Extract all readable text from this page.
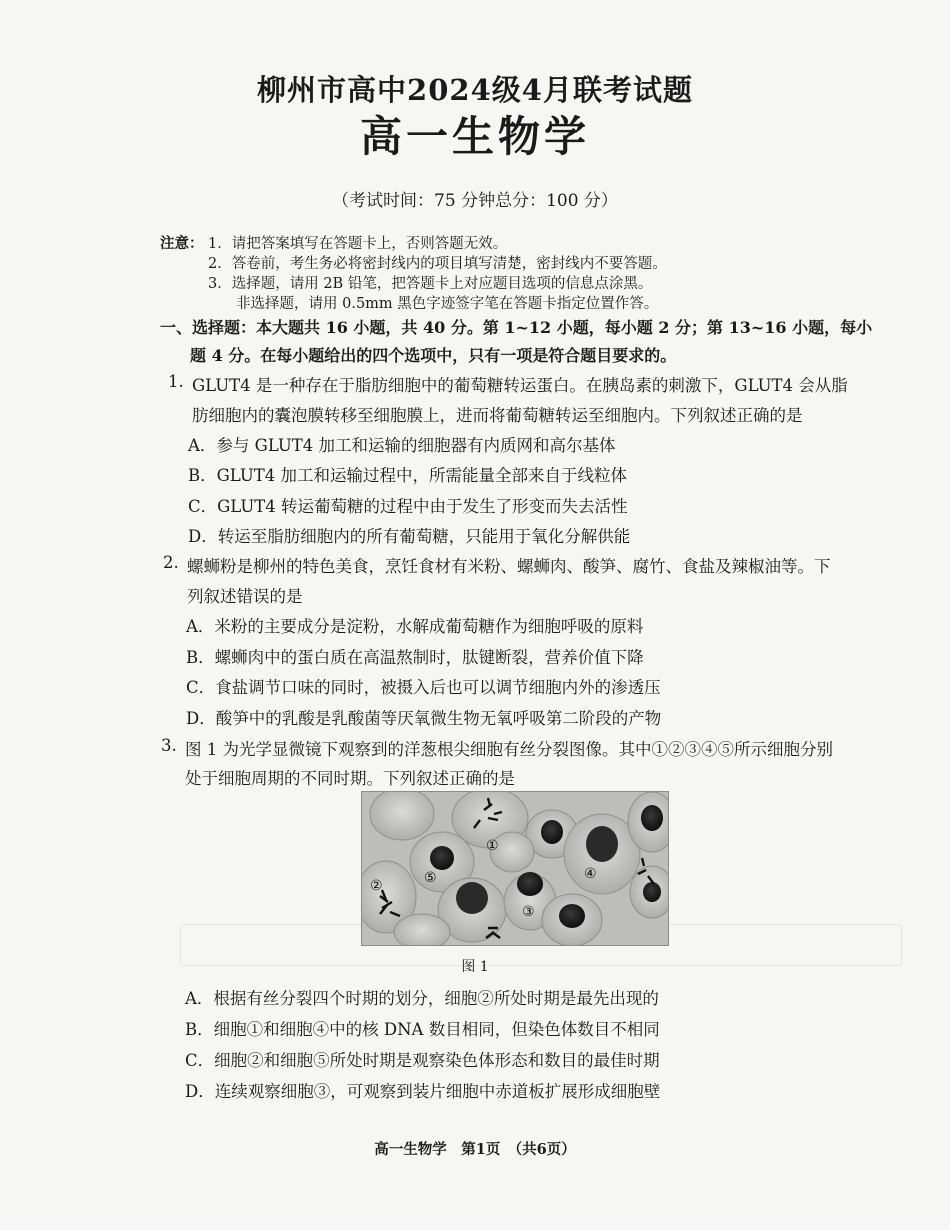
柳州市高中2024级4月联考试题
高一生物学
（考试时间：75 分钟总分：100 分）
注意： 1．请把答案填写在答题卡上，否则答题无效。
2．答卷前，考生务必将密封线内的项目填写清楚，密封线内不要答题。
3．选择题，请用 2B 铅笔，把答题卡上对应题目选项的信息点涂黑。
非选择题，请用 0.5mm 黑色字迹签字笔在答题卡指定位置作答。
一、选择题：本大题共 16 小题，共 40 分。第 1~12 小题，每小题 2 分；第 13~16 小题，每小
题 4 分。在每小题给出的四个选项中，只有一项是符合题目要求的。
1. GLUT4 是一种存在于脂肪细胞中的葡萄糖转运蛋白。在胰岛素的刺激下，GLUT4 会从脂
肪细胞内的囊泡膜转移至细胞膜上，进而将葡萄糖转运至细胞内。下列叙述正确的是
A．参与 GLUT4 加工和运输的细胞器有内质网和高尔基体
B．GLUT4 加工和运输过程中，所需能量全部来自于线粒体
C．GLUT4 转运葡萄糖的过程中由于发生了形变而失去活性
D．转运至脂肪细胞内的所有葡萄糖，只能用于氧化分解供能
2. 螺蛳粉是柳州的特色美食，烹饪食材有米粉、螺蛳肉、酸笋、腐竹、食盐及辣椒油等。下
列叙述错误的是
A．米粉的主要成分是淀粉，水解成葡萄糖作为细胞呼吸的原料
B．螺蛳肉中的蛋白质在高温熬制时，肽键断裂，营养价值下降
C．食盐调节口味的同时，被摄入后也可以调节细胞内外的渗透压
D．酸笋中的乳酸是乳酸菌等厌氧微生物无氧呼吸第二阶段的产物
3. 图 1 为光学显微镜下观察到的洋葱根尖细胞有丝分裂图像。其中①②③④⑤所示细胞分别
处于细胞周期的不同时期。下列叙述正确的是
①
②
③
④
⑤
图 1
A．根据有丝分裂四个时期的划分，细胞②所处时期是最先出现的
B．细胞①和细胞④中的核 DNA 数目相同，但染色体数目不相同
C．细胞②和细胞⑤所处时期是观察染色体形态和数目的最佳时期
D．连续观察细胞③，可观察到装片细胞中赤道板扩展形成细胞壁
高一生物学　第1页　（共6页）
